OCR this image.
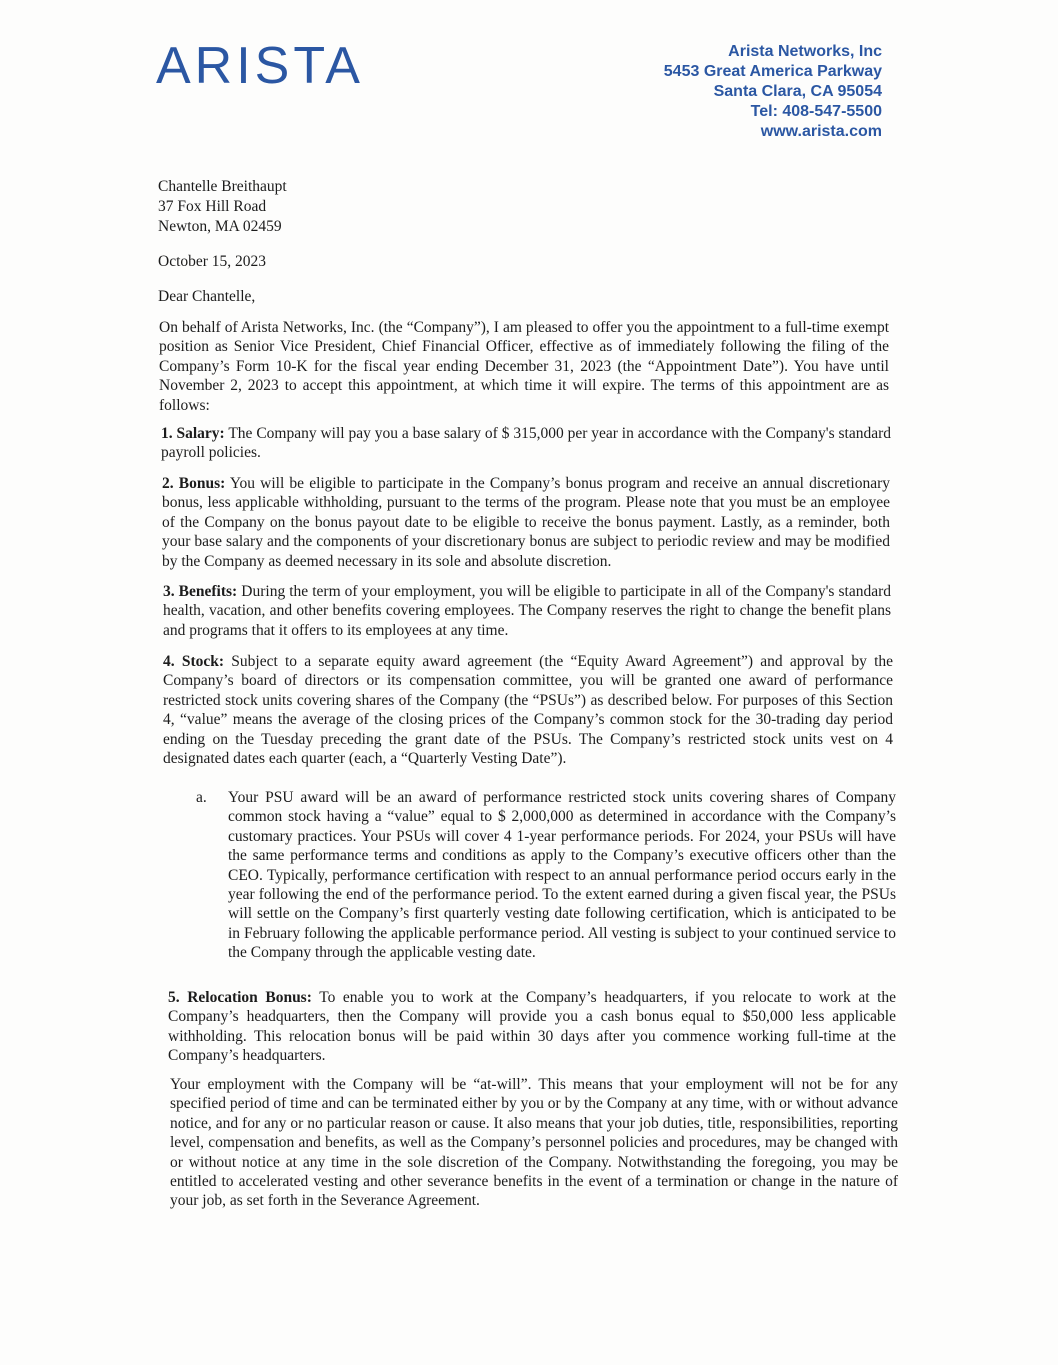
ARISTA	Arista Networks, Inc
5453 Great America Parkway
Santa Clara, CA 95054
Tel: 408-547-5500
www.arista.com
Chantelle Breithaupt
37 Fox Hill Road
Newton, MA 02459
October 15, 2023
Dear Chantelle,

On behalf of Arista Networks, Inc. (the “Company”), I am pleased to offer you the appointment to a full-time exempt position as Senior Vice President, Chief Financial Officer, effective as of immediately following the filing of the Company’s Form 10-K for the fiscal year ending December 31, 2023 (the “Appointment Date”). You have until November 2, 2023 to accept this appointment, at which time it will expire. The terms of this appointment are as follows:

1. Salary: The Company will pay you a base salary of $ 315,000 per year in accordance with the Company's standard payroll policies.

2. Bonus: You will be eligible to participate in the Company’s bonus program and receive an annual discretionary bonus, less applicable withholding, pursuant to the terms of the program. Please note that you must be an employee of the Company on the bonus payout date to be eligible to receive the bonus payment. Lastly, as a reminder, both your base salary and the components of your discretionary bonus are subject to periodic review and may be modified by the Company as deemed necessary in its sole and absolute discretion.

3. Benefits: During the term of your employment, you will be eligible to participate in all of the Company's standard health, vacation, and other benefits covering employees. The Company reserves the right to change the benefit plans and programs that it offers to its employees at any time.

4. Stock: Subject to a separate equity award agreement (the “Equity Award Agreement”) and approval by the Company’s board of directors or its compensation committee, you will be granted one award of performance restricted stock units covering shares of the Company (the “PSUs”) as described below. For purposes of this Section 4, “value” means the average of the closing prices of the Company’s common stock for the 30-trading day period ending on the Tuesday preceding the grant date of the PSUs. The Company’s restricted stock units vest on 4 designated dates each quarter (each, a “Quarterly Vesting Date”).

a. Your PSU award will be an award of performance restricted stock units covering shares of Company common stock having a “value” equal to $ 2,000,000 as determined in accordance with the Company’s customary practices. Your PSUs will cover 4 1-year performance periods. For 2024, your PSUs will have the same performance terms and conditions as apply to the Company’s executive officers other than the CEO. Typically, performance certification with respect to an annual performance period occurs early in the year following the end of the performance period. To the extent earned during a given fiscal year, the PSUs will settle on the Company’s first quarterly vesting date following certification, which is anticipated to be in February following the applicable performance period. All vesting is subject to your continued service to the Company through the applicable vesting date.

5. Relocation Bonus: To enable you to work at the Company’s headquarters, if you relocate to work at the Company’s headquarters, then the Company will provide you a cash bonus equal to $50,000 less applicable withholding. This relocation bonus will be paid within 30 days after you commence working full-time at the Company’s headquarters.

Your employment with the Company will be “at-will”. This means that your employment will not be for any specified period of time and can be terminated either by you or by the Company at any time, with or without advance notice, and for any or no particular reason or cause. It also means that your job duties, title, responsibilities, reporting level, compensation and benefits, as well as the Company’s personnel policies and procedures, may be changed with or without notice at any time in the sole discretion of the Company. Notwithstanding the foregoing, you may be entitled to accelerated vesting and other severance benefits in the event of a termination or change in the nature of your job, as set forth in the Severance Agreement.
